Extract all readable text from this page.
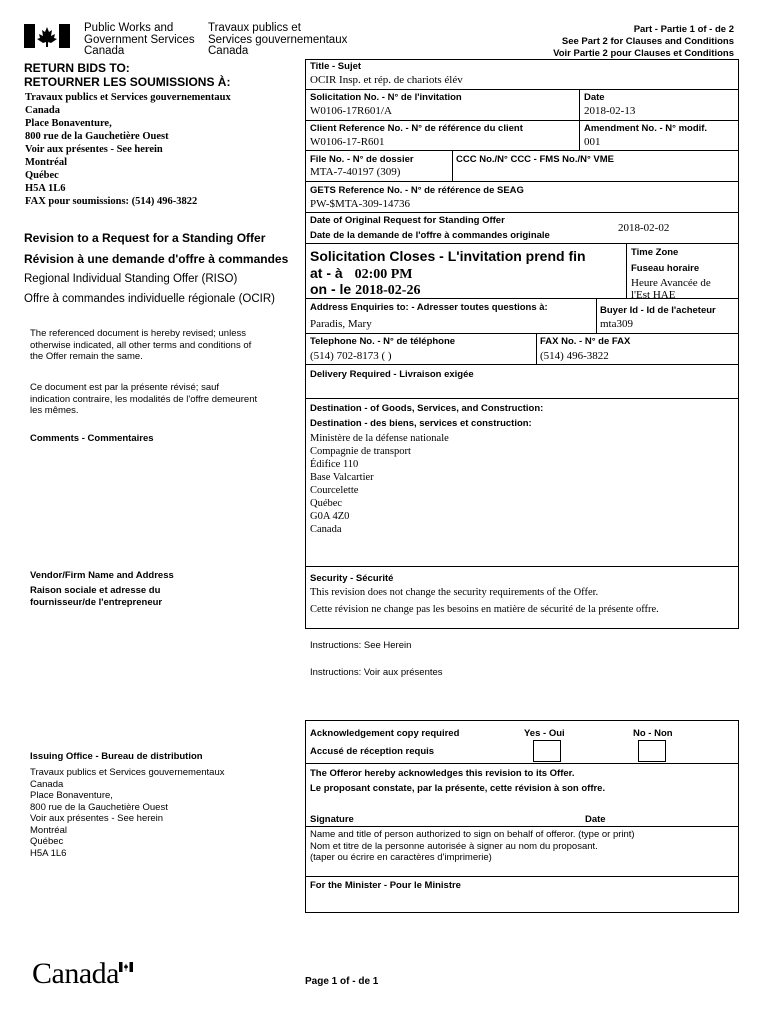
Public Works and
Government Services
Canada
Travaux publics et
Services gouvernementaux
Canada
Part - Partie 1 of - de 2
See Part 2 for Clauses and Conditions
Voir Partie 2 pour Clauses et Conditions
RETURN BIDS TO:
RETOURNER LES SOUMISSIONS À:
Travaux publics et Services gouvernementaux
Canada
Place Bonaventure,
800 rue de la Gauchetière Ouest
Voir aux présentes - See herein
Montréal
Québec
H5A 1L6
FAX pour soumissions: (514) 496-3822
Revision to a Request for a Standing Offer
Révision à une demande d'offre à commandes
Regional Individual Standing Offer (RISO)
Offre à commandes individuelle régionale (OCIR)
The referenced document is hereby revised; unless
otherwise indicated, all other terms and conditions of
the Offer remain the same.
Ce document est par la présente révisé; sauf
indication contraire, les modalités de l'offre demeurent
les mêmes.
Comments - Commentaires
Vendor/Firm Name and Address
Raison sociale et adresse du
fournisseur/de l'entrepreneur
Issuing Office - Bureau de distribution
Travaux publics et Services gouvernementaux
Canada
Place Bonaventure,
800 rue de la Gauchetière Ouest
Voir aux présentes - See herein
Montréal
Québec
H5A 1L6
Title - Sujet
OCIR Insp. et rép. de chariots élév
Solicitation No. - N° de l'invitation
W0106-17R601/A
Date
2018-02-13
Client Reference No. - N° de référence du client
W0106-17-R601
Amendment No. - N° modif.
001
File No. - N° de dossier
MTA-7-40197 (309)
CCC No./N° CCC - FMS No./N° VME
GETS Reference No. - N° de référence de SEAG
PW-$MTA-309-14736
Date of Original Request for Standing Offer
Date de la demande de l'offre à commandes originale
2018-02-02
Solicitation Closes - L'invitation prend fin
at - à 02:00 PM
on - le 2018-02-26
Time Zone
Fuseau horaire
Heure Avancée de
l'Est HAE
Address Enquiries to: - Adresser toutes questions à:
Paradis, Mary
Buyer Id - Id de l'acheteur
mta309
Telephone No. - N° de téléphone
(514) 702-8173 ( )
FAX No. - N° de FAX
(514) 496-3822
Delivery Required - Livraison exigée
Destination - of Goods, Services, and Construction:
Destination - des biens, services et construction:
Ministère de la défense nationale
Compagnie de transport
Édifice 110
Base Valcartier
Courcelette
Québec
G0A 4Z0
Canada
Security - Sécurité
This revision does not change the security requirements of the Offer.
Cette révision ne change pas les besoins en matière de sécurité de la présente offre.
Instructions: See Herein
Instructions: Voir aux présentes
Acknowledgement copy required
Accusé de réception requis
Yes - Oui	No - Non
The Offeror hereby acknowledges this revision to its Offer.
Le proposant constate, par la présente, cette révision à son offre.
Signature	Date
Name and title of person authorized to sign on behalf of offeror. (type or print)
Nom et titre de la personne autorisée à signer au nom du proposant.
(taper ou écrire en caractères d'imprimerie)
For the Minister - Pour le Ministre
Canada	Page 1 of - de 1
